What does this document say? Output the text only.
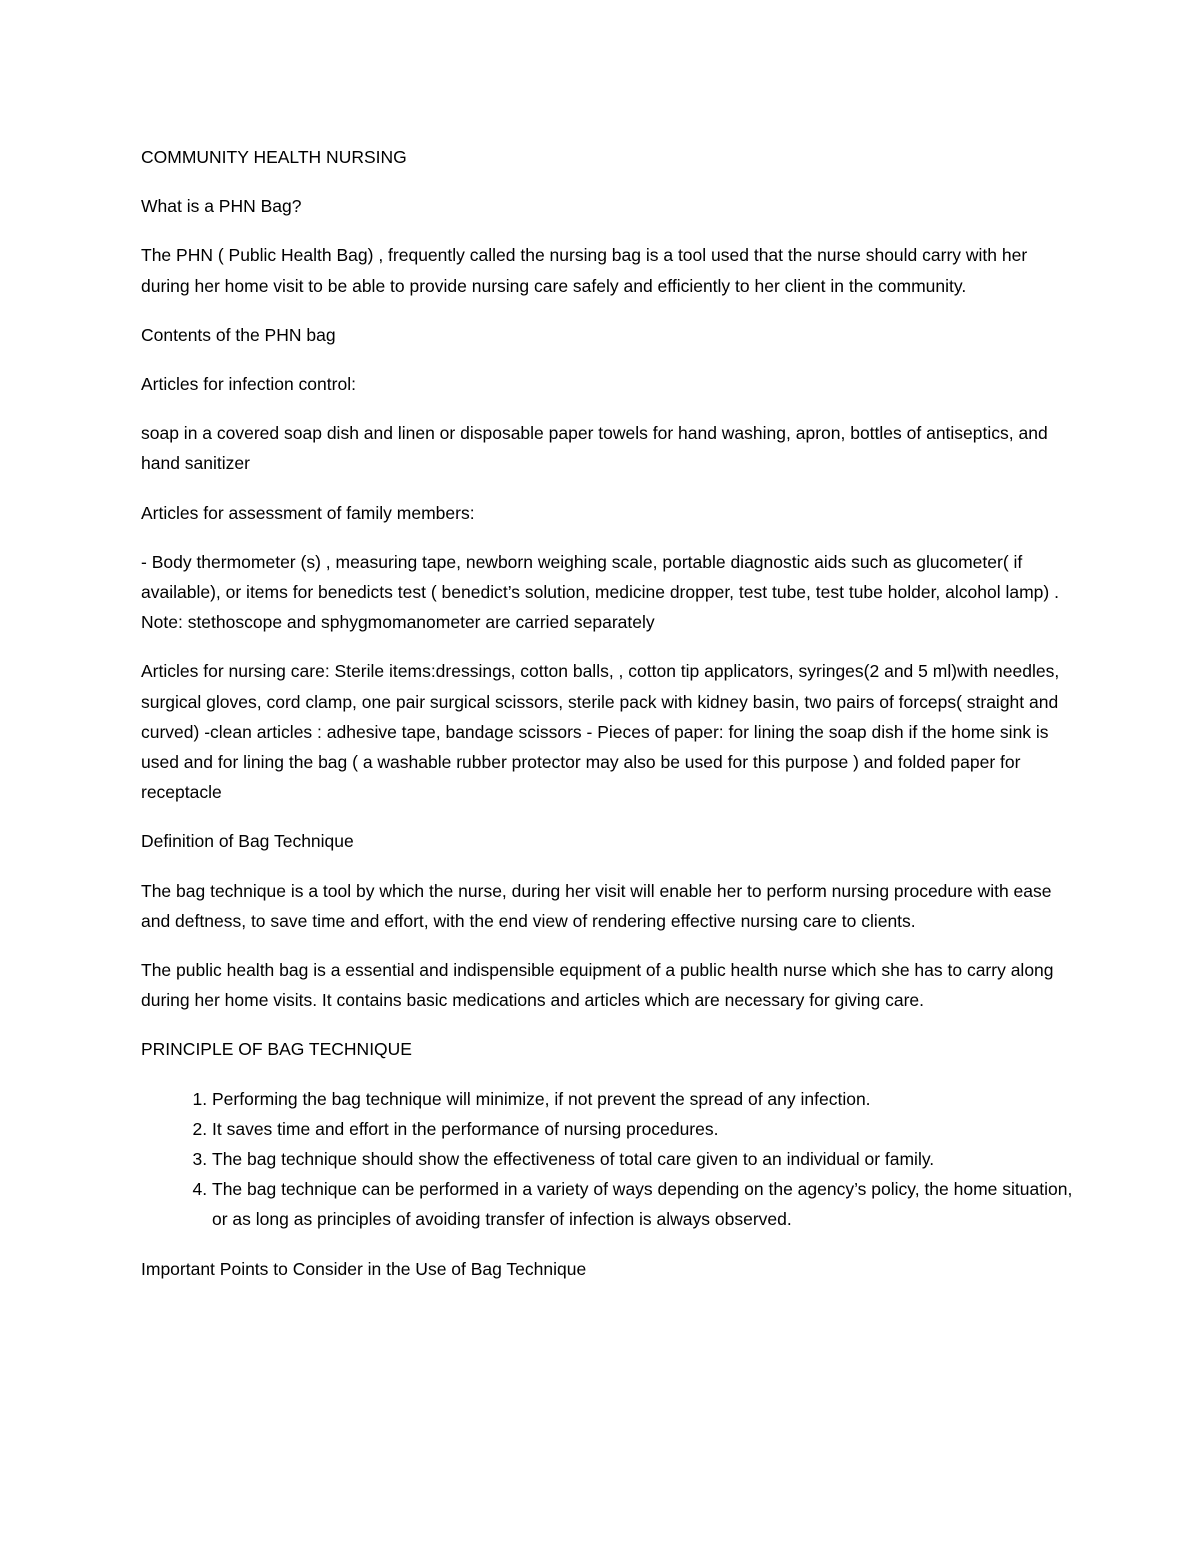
COMMUNITY HEALTH NURSING

What is a PHN Bag?

The PHN ( Public Health Bag) , frequently called the nursing bag is a tool used that the nurse should carry with her during her home visit to be able to provide nursing care safely and efficiently to her client in the community.

Contents of the PHN bag

Articles for infection control:

soap in a covered soap dish and linen or disposable paper towels for hand washing, apron, bottles of antiseptics, and hand sanitizer

Articles for assessment of family members:

- Body thermometer (s) , measuring tape, newborn weighing scale, portable diagnostic aids such as glucometer( if available), or items for benedicts test ( benedict’s solution, medicine dropper, test tube, test tube holder, alcohol lamp) . Note: stethoscope and sphygmomanometer are carried separately

Articles for nursing care: Sterile items:dressings, cotton balls, , cotton tip applicators, syringes(2 and 5 ml)with needles, surgical gloves, cord clamp, one pair surgical scissors, sterile pack with kidney basin, two pairs of forceps( straight and curved) -clean articles : adhesive tape, bandage scissors - Pieces of paper: for lining the soap dish if the home sink is used and for lining the bag ( a washable rubber protector may also be used for this purpose ) and folded paper for receptacle

Definition of Bag Technique

The bag technique is a tool by which the nurse, during her visit will enable her to perform nursing procedure with ease and deftness, to save time and effort, with the end view of rendering effective nursing care to clients.

The public health bag is a essential and indispensible equipment of a public health nurse which she has to carry along during her home visits. It contains basic medications and articles which are necessary for giving care.

PRINCIPLE OF BAG TECHNIQUE

1. Performing the bag technique will minimize, if not prevent the spread of any infection.
2. It saves time and effort in the performance of nursing procedures.
3. The bag technique should show the effectiveness of total care given to an individual or family.
4. The bag technique can be performed in a variety of ways depending on the agency’s policy, the home situation, or as long as principles of avoiding transfer of infection is always observed.

Important Points to Consider in the Use of Bag Technique
